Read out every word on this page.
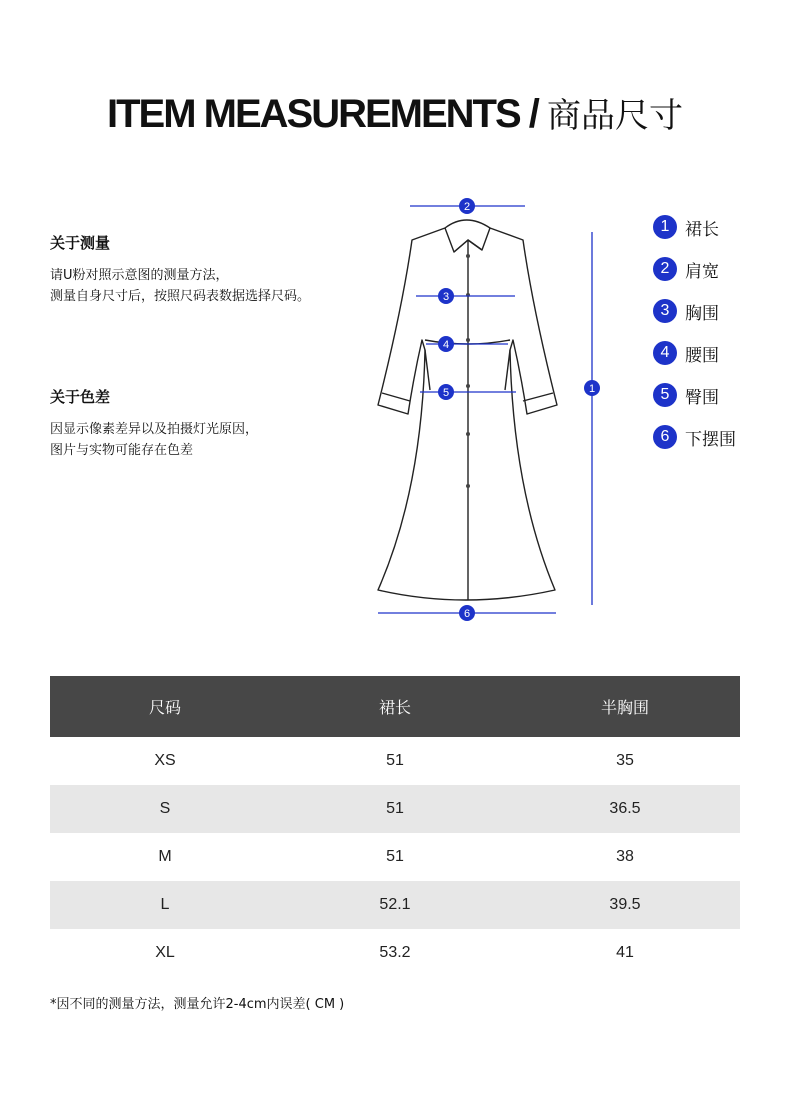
ITEM MEASUREMENTS / 商品尺寸
关于测量
请U粉对照示意图的测量方法，
测量自身尺寸后，按照尺码表数据选择尺码。
关于色差
因显示像素差异以及拍摄灯光原因，
图片与实物可能存在色差
2
3
4
5
6
1
1 裙长
2 肩宽
3 胸围
4 腰围
5 臀围
6 下摆围
尺码	裙长	半胸围
XS	51	35
S	51	36.5
M	51	38
L	52.1	39.5
XL	53.2	41
*因不同的测量方法，测量允许2-4cm内误差( CM )
